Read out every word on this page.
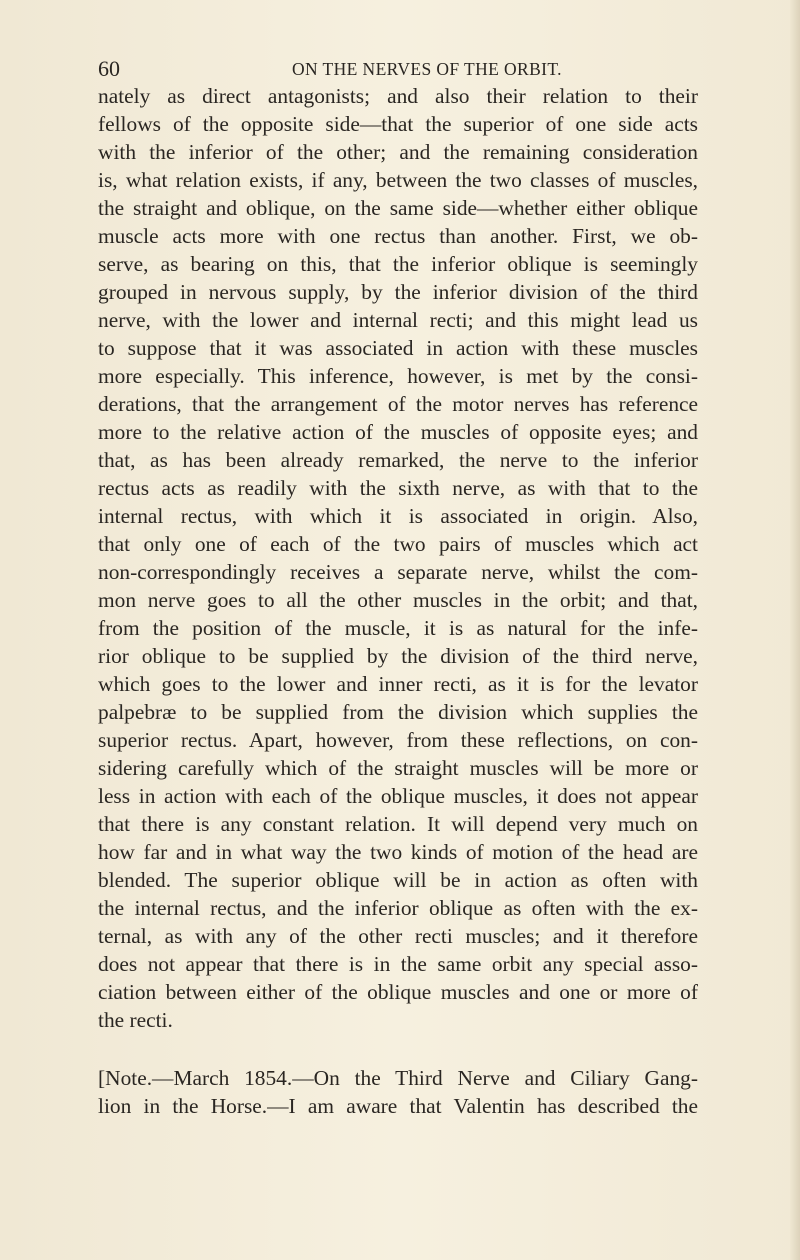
60	ON THE NERVES OF THE ORBIT.
nately as direct antagonists; and also their relation to their
fellows of the opposite side—that the superior of one side acts
with the inferior of the other; and the remaining consideration
is, what relation exists, if any, between the two classes of muscles,
the straight and oblique, on the same side—whether either oblique
muscle acts more with one rectus than another. First, we ob-
serve, as bearing on this, that the inferior oblique is seemingly
grouped in nervous supply, by the inferior division of the third
nerve, with the lower and internal recti; and this might lead us
to suppose that it was associated in action with these muscles
more especially. This inference, however, is met by the consi-
derations, that the arrangement of the motor nerves has reference
more to the relative action of the muscles of opposite eyes; and
that, as has been already remarked, the nerve to the inferior
rectus acts as readily with the sixth nerve, as with that to the
internal rectus, with which it is associated in origin. Also,
that only one of each of the two pairs of muscles which act
non-correspondingly receives a separate nerve, whilst the com-
mon nerve goes to all the other muscles in the orbit; and that,
from the position of the muscle, it is as natural for the infe-
rior oblique to be supplied by the division of the third nerve,
which goes to the lower and inner recti, as it is for the levator
palpebræ to be supplied from the division which supplies the
superior rectus. Apart, however, from these reflections, on con-
sidering carefully which of the straight muscles will be more or
less in action with each of the oblique muscles, it does not appear
that there is any constant relation. It will depend very much on
how far and in what way the two kinds of motion of the head are
blended. The superior oblique will be in action as often with
the internal rectus, and the inferior oblique as often with the ex-
ternal, as with any of the other recti muscles; and it therefore
does not appear that there is in the same orbit any special asso-
ciation between either of the oblique muscles and one or more of
the recti.
[Note.—March 1854.—On the Third Nerve and Ciliary Gang-
lion in the Horse.—I am aware that Valentin has described the
